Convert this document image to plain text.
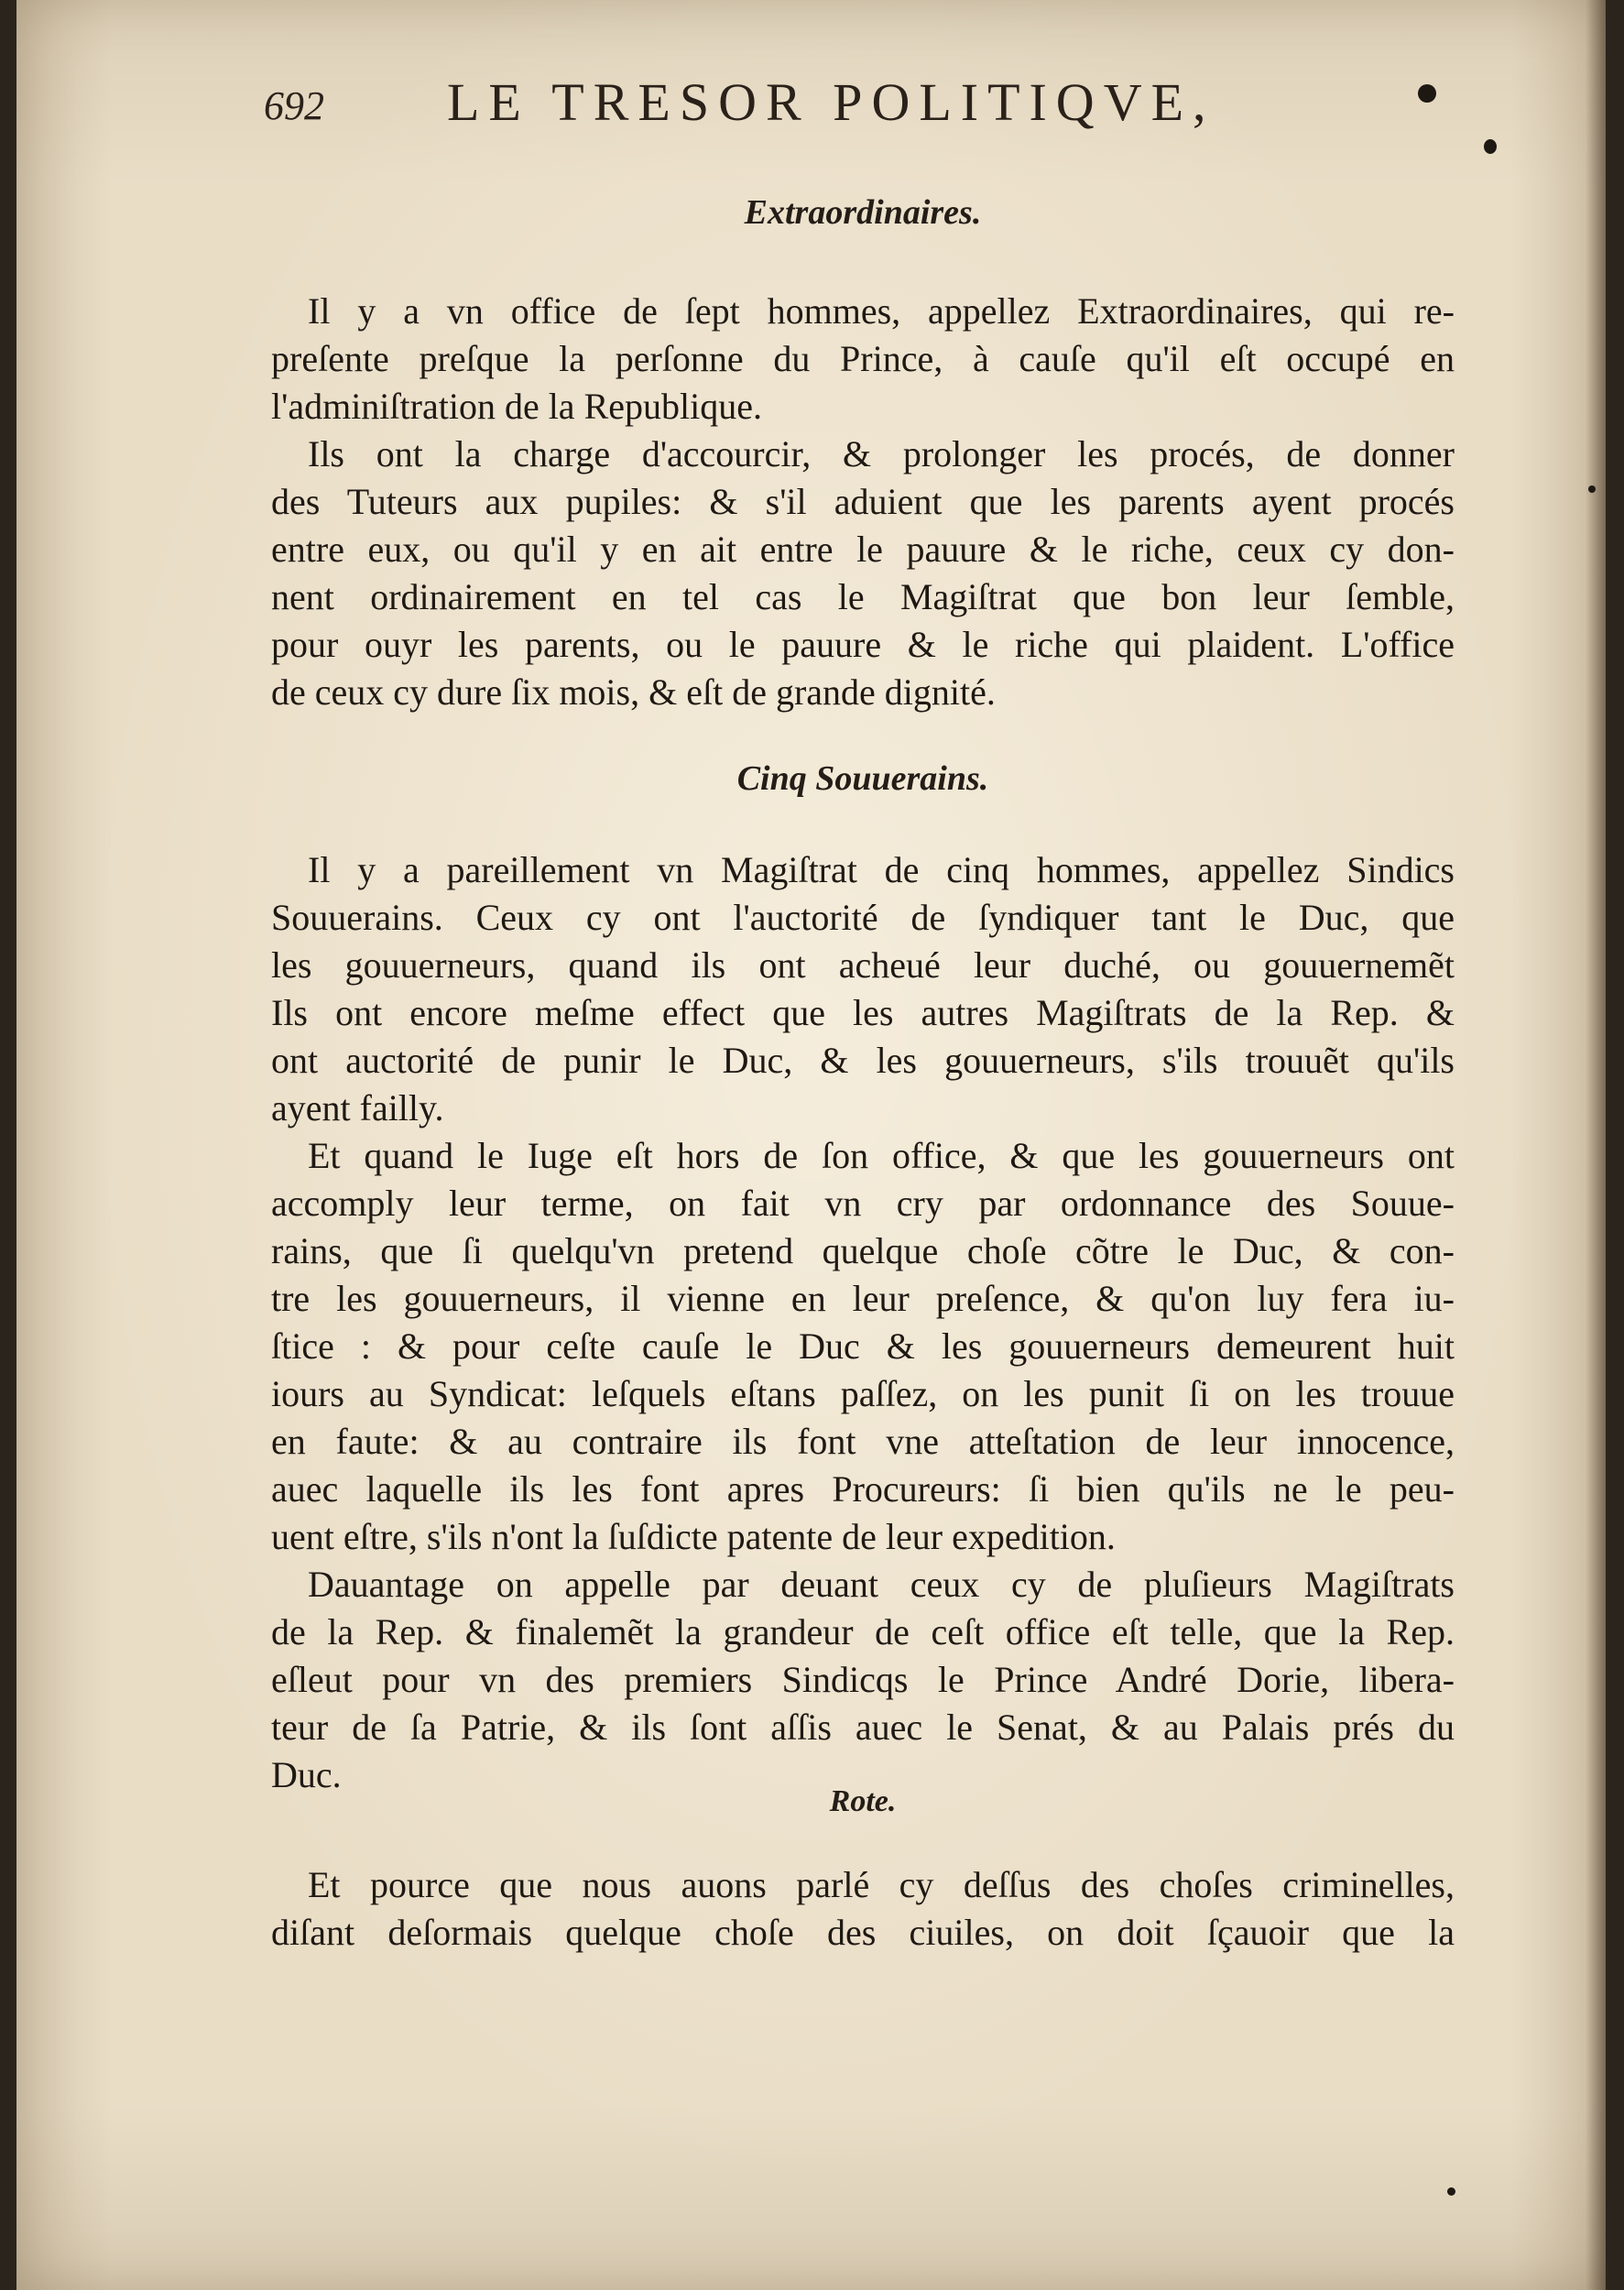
692 LE TRESOR POLITIQVE,
Extraordinaires.
Il y a vn office de ſept hommes, appellez Extraordinaires, qui re-
preſente preſque la perſonne du Prince, à cauſe qu'il eſt occupé en
l'adminiſtration de la Republique.
Ils ont la charge d'accourcir, & prolonger les procés, de donner
des Tuteurs aux pupiles: & s'il aduient que les parents ayent procés
entre eux, ou qu'il y en ait entre le pauure & le riche, ceux cy don-
nent ordinairement en tel cas le Magiſtrat que bon leur ſemble,
pour ouyr les parents, ou le pauure & le riche qui plaident. L'office
de ceux cy dure ſix mois, & eſt de grande dignité.
Cinq Souuerains.
Il y a pareillement vn Magiſtrat de cinq hommes, appellez Sindics
Souuerains. Ceux cy ont l'auctorité de ſyndiquer tant le Duc, que
les gouuerneurs, quand ils ont acheué leur duché, ou gouuernemẽt
Ils ont encore meſme effect que les autres Magiſtrats de la Rep. &
ont auctorité de punir le Duc, & les gouuerneurs, s'ils trouuẽt qu'ils
ayent failly.
Et quand le Iuge eſt hors de ſon office, & que les gouuerneurs ont
accomply leur terme, on fait vn cry par ordonnance des Souue-
rains, que ſi quelqu'vn pretend quelque choſe cõtre le Duc, & con-
tre les gouuerneurs, il vienne en leur preſence, & qu'on luy fera iu-
ſtice : & pour ceſte cauſe le Duc & les gouuerneurs demeurent huit
iours au Syndicat: leſquels eſtans paſſez, on les punit ſi on les trouue
en faute: & au contraire ils font vne atteſtation de leur innocence,
auec laquelle ils les font apres Procureurs: ſi bien qu'ils ne le peu-
uent eſtre, s'ils n'ont la ſuſdicte patente de leur expedition.
Dauantage on appelle par deuant ceux cy de pluſieurs Magiſtrats
de la Rep. & finalemẽt la grandeur de ceſt office eſt telle, que la Rep.
eſleut pour vn des premiers Sindicqs le Prince André Dorie, libera-
teur de ſa Patrie, & ils ſont aſſis auec le Senat, & au Palais prés du
Duc.
Rote.
Et pource que nous auons parlé cy deſſus des choſes criminelles,
diſant deſormais quelque choſe des ciuiles, on doit ſçauoir que la
